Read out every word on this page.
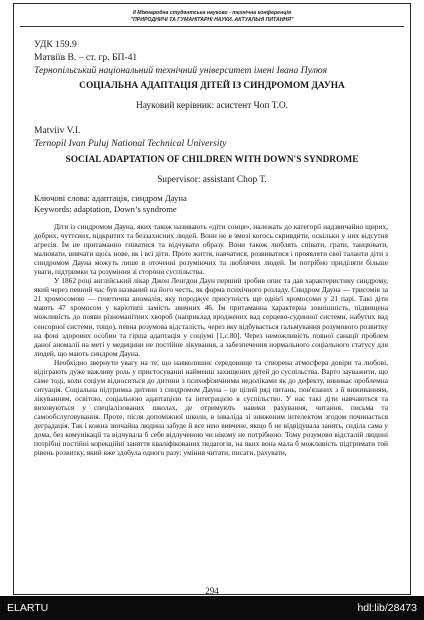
II Міжнародна студентська науково - технічна конференція
"ПРИРОДНИЧІ ТА ГУМАНІТАРНІ НАУКИ. АКТУАЛЬНІ ПИТАННЯ"
УДК 159.9
Матвіїв В. – ст. гр. БП-41
Тернопільський національний технічний університет імені Івана Пулюя
СОЦІАЛЬНА АДАПТАЦІЯ ДІТЕЙ ІЗ СИНДРОМОМ ДАУНА
Науковий керівник: асистент Чоп Т.О.
Matviiv V.I.
Ternopil Ivan Puluj National Technical University
SOCIAL ADAPTATION OF CHILDREN WITH DOWN'S SYNDROME
Supervisor: assistant Chop T.
Ключові слова: адаптація, синдром Дауна
Keywords: adaptation, Down’s syndrome

Діти із синдромом Дауна, яких також називають «діти сонця», належать до категорії надзвичайно щирих, добрих, чуттєвих, відкритих та беззахисних людей. Вони не в змозі когось скривдити, оскільки у них відсутня агресія. Їм не притаманно гніватися та відчувати образу. Вони також люблять співати, грати, танцювати, малювати, вивчати щось нове, як і всі діти. Проте життя, навчатися, розвиватися і проявляти свої таланти діти з синдромом Дауна можуть лише в оточенні розуміючих та люблячих людей. Їм потрібно приділяти більше уваги, підтримки та розуміння зі сторони суспільства.

У 1862 році англійський лікар Джон Ленгдон Даун перший зробив опис та дав характеристику синдрому, який через певний час був названий на його честь, як форма психічного розладу. Синдром Дауна — трисомія за 21 хромосомою — генетична аномалія, яку породжує присутність ще однієї хромосоми у 21 парі. Такі діти мають 47 хромосом у каріотипі замість звичних 46. Їм притаманна характерна зовнішність, підвищена можливість до появи різноманітних хвороб (наприклад вроджених вад серцево-судинної системи, набутих вад сенсорної системи, тощо), певна розумова відсталість, через яку відбувається гальмування розумового розвитку на фоні здорових особин та гірша адаптація у соціумі [1,с.80]. Через неможливість повної санації проблем даної аномалії на меті у медицини не постійне лікування, а забезпечення нормального соціального статусу для людей, що мають синдром Дауна.

Необхідно звернути увагу на те, що навколишнє середовище та створена атмосфера довіри та любові, відіграють дуже важливу роль у пристосуванні найменш захищених дітей до суспільства. Варто зауважити, що саме тоді, коли соціум відноситься до дитини з психофізичними недоліками як до дефекту, виникає проблемна ситуація. Соціальна підтримка дитини з синдромом Дауна – це цілий ряд питань, пов'язаних з її виживанням, лікуванням, освітою, соціальною адаптацією та інтеграцією в суспільство. У нас такі діти навчаються та виховуються у спеціалізованих школах, де отримують навики рахування, читання, письма та самообслуговування. Проте, після допоміжної школи, в інваліда зі зниженим інтелектом згодом починається деградація. Так і кожна звичайна людина забуде й все нею вивчене, якщо б не відвідувала занять, сиділа сама у дома, без комунікації та відчувала б себе відлученою чи нікому не потрібною. Тому розумово відсталій людині потрібні постійні корекційні заняття кваліфікованих педагогів, на яких вона мала б можливість підтримати той рівень розвитку, який вже здобула одного разу: уміння читати, писати, рахувати,

294
ELARTU	hdl:lib/28473
